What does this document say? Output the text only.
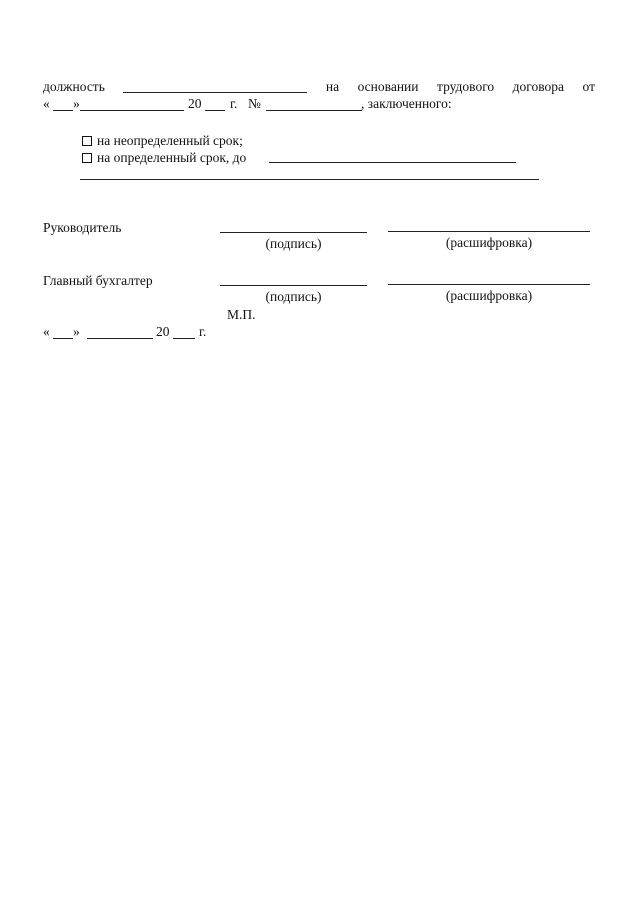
должность	на основании трудового договора от
« »	20 г. №	, заключенного:
на неопределенный срок;
на определенный срок, до
Руководитель
(подпись)	(расшифровка)
Главный бухгалтер
(подпись)	(расшифровка)
М.П.
« »	20 г.
